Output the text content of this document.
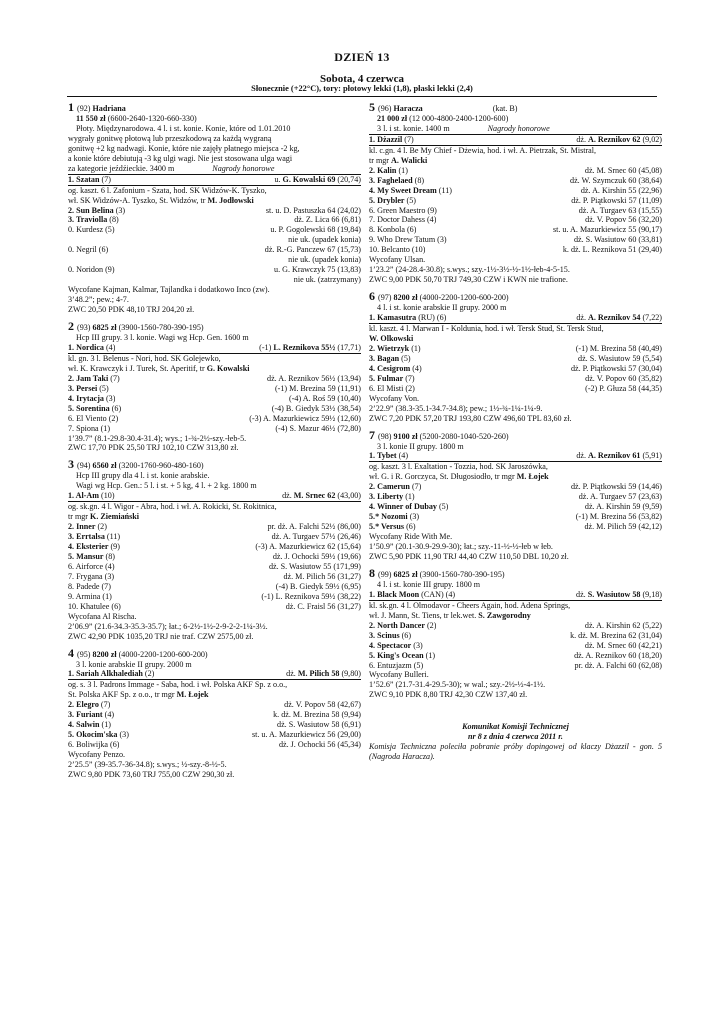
DZIEŃ 13
Sobota, 4 czerwca
Słonecznie (+22°C), tory: płotowy lekki (1,8), płaski lekki (2,4)
1 (92) Hadriana
11 550 zł (6600-2640-1320-660-330)
Płoty. Międzynarodowa. 4 l. i st. konie. Konie, które od 1.01.2010
wygrały gonitwę płotową lub przeszkodową za każdą wygraną
gonitwę +2 kg nadwagi. Konie, które nie zajęły płatnego miejsca -2 kg,
a konie które debiutują -3 kg ulgi wagi. Nie jest stosowana ulga wagi
za kategorie jeźdźieckie. 3400 m	Nagrody honorowe
1. Szatan (7)	u. G. Kowalski 69 (20,74)
og. kaszt. 6 l. Zafonium - Szata, hod. SK Widzów-K. Tyszko,
wł. SK Widzów-A. Tyszko, St. Widzów, tr M. Jodłowski
2. Sun Belina (3)	st. u. D. Pastuszka 64 (24,02)
3. Traviolla (8)	dż. Z. Lica 66 (6,81)
0. Kurdesz (5)	u. P. Gogolewski 68 (19,84)
nie uk. (upadek konia)
0. Negril (6)	dż. R.-G. Panczew 67 (15,73)
nie uk. (upadek konia)
0. Noridon (9)	u. G. Krawczyk 75 (13,83)
nie uk. (zatrzymany)
Wycofane Kajman, Kalmar, Tajlandka i dodatkowo Inco (zw).
3’48.2”; pew.; 4-7.
ZWC 20,50 PDK 48,10 TRJ 204,20 zł.
2 (93) 6825 zł (3900-1560-780-390-195)
Hcp III grupy. 3 l. konie. Wagi wg Hcp. Gen. 1600 m
1. Nordica (4)	(-1) L. Reznikova 55½ (17,71)
kl. gn. 3 l. Belenus - Nori, hod. SK Golejewko,
wł. K. Krawczyk i J. Turek, St. Aperitif, tr G. Kowalski
2. Jam Taki (7)	dż. A. Reznikov 56½ (13,94)
3. Persei (5)	(-1) M. Brezina 59 (11,91)
4. Irytacja (3)	(-4) A. Roś 59 (10,40)
5. Sorentina (6)	(-4) B. Giedyk 53½ (38,54)
6. El Viento (2)	(-3) A. Mazurkiewicz 59½ (12,60)
7. Spiona (1)	(-4) S. Mazur 46½ (72,80)
1’39.7” (8.1-29.8-30.4-31.4); wys.; 1-¾-2½-szy.-łeb-5.
ZWC 17,70 PDK 25,50 TRJ 102,10 CZW 313,80 zł.
3 (94) 6560 zł (3200-1760-960-480-160)
Hcp III grupy dla 4 l. i st. konie arabskie.
Wagi wg Hcp. Gen.: 5 l. i st. + 5 kg, 4 l. + 2 kg. 1800 m
1. Al-Am (10)	dż. M. Srnec 62 (43,00)
og. sk.gn. 4 l. Wigor - Abra, hod. i wł. A. Rokicki, St. Rokitnica,
tr mgr K. Ziemiański
2. Inner (2)	pr. dż. A. Falchi 52½ (86,00)
3. Errtalsa (11)	dż. A. Turgaev 57½ (26,46)
4. Eksterier (9)	(-3) A. Mazurkiewicz 62 (15,64)
5. Mansur (8)	dż. J. Ochocki 59½ (19,66)
6. Airforce (4)	dż. S. Wasiutow 55 (171,99)
7. Frygana (3)	dż. M. Pilich 56 (31,27)
8. Padede (7)	(-4) B. Giedyk 59½ (6,95)
9. Armina (1)	(-1) L. Reznikova 59½ (38,22)
10. Khatulee (6)	dż. C. Fraisl 56 (31,27)
Wycofana Al Rischa.
2’06.9” (21.6-34.3-35.3-35.7); łat.; 6-2½-1½-2-9-2-2-1¼-3½.
ZWC 42,90 PDK 1035,20 TRJ nie traf. CZW 2575,00 zł.
4 (95) 8200 zł (4000-2200-1200-600-200)
3 l. konie arabskie II grupy. 2000 m
1. Sariah Alkhalediah (2)	dż. M. Pilich 58 (9,80)
og. s. 3 l. Padrons Immage - Saba, hod. i wł. Polska AKF Sp. z o.o.,
St. Polska AKF Sp. z o.o., tr mgr M. Łojek
2. Elegro (7)	dż. V. Popov 58 (42,67)
3. Furiant (4)	k. dż. M. Brezina 58 (9,94)
4. Salwin (1)	dż. S. Wasiutow 58 (6,91)
5. Okocim'ska (3)	st. u. A. Mazurkiewicz 56 (29,00)
6. Boliwijka (6)	dż. J. Ochocki 56 (45,34)
Wycofany Penzo.
2’25.5” (39-35.7-36-34.8); s.wys.; ½-szy.-8-½-5.
ZWC 9,80 PDK 73,60 TRJ 755,00 CZW 290,30 zł.
5 (96) Haracza	(kat. B)
21 000 zł (12 000-4800-2400-1200-600)
3 l. i st. konie. 1400 m	Nagrody honorowe
1. Dżazzil (7)	dż. A. Reznikov 62 (9,02)
kl. c.gn. 4 l. Be My Chief - Dżewia, hod. i wł. A. Pietrzak, St. Mistral,
tr mgr A. Walicki
2. Kalin (1)	dż. M. Srnec 60 (45,08)
3. Faghelaed (8)	dż. W. Szymczuk 60 (38,64)
4. My Sweet Dream (11)	dż. A. Kirshin 55 (22,96)
5. Drybler (5)	dż. P. Piątkowski 57 (11,09)
6. Green Maestro (9)	dż. A. Turgaev 63 (15,55)
7. Doctor Dahess (4)	dż. V. Popov 56 (32,20)
8. Konbola (6)	st. u. A. Mazurkiewicz 55 (90,17)
9. Who Drew Tatum (3)	dż. S. Wasiutow 60 (33,81)
10. Belcanto (10)	k. dż. L. Reznikova 51 (29,40)
Wycofany Ulsan.
1’23.2” (24-28.4-30.8); s.wys.; szy.-1½-3½-½-1½-łeb-4-5-15.
ZWC 9,00 PDK 50,70 TRJ 749,30 CZW i KWN nie trafione.
6 (97) 8200 zł (4000-2200-1200-600-200)
4 l. i st. konie arabskie II grupy. 2000 m
1. Kamasutra (RU) (6)	dż. A. Reznikov 54 (7,22)
kl. kaszt. 4 l. Marwan I - Koldunia, hod. i wł. Tersk Stud, St. Tersk Stud,
W. Olkowski
2. Wietrzyk (1)	(-1) M. Brezina 58 (40,49)
3. Bagan (5)	dż. S. Wasiutow 59 (5,54)
4. Cesigrom (4)	dż. P. Piątkowski 57 (30,04)
5. Fulmar (7)	dż. V. Popov 60 (35,82)
6. El Misti (2)	(-2) P. Głuza 58 (44,35)
Wycofany Von.
2’22.9” (38.3-35.1-34.7-34.8); pew.; 1½-¾-1¼-1¼-9.
ZWC 7,20 PDK 57,20 TRJ 193,80 CZW 496,60 TPL 83,60 zł.
7 (98) 9100 zł (5200-2080-1040-520-260)
3 l. konie II grupy. 1800 m
1. Tybet (4)	dż. A. Reznikov 61 (5,91)
og. kaszt. 3 l. Exaltation - Tozzia, hod. SK Jaroszówka,
wł. G. i R. Gorczyca, St. Długosiodło, tr mgr M. Łojek
2. Camerun (7)	dż. P. Piątkowski 59 (14,46)
3. Liberty (1)	dż. A. Turgaev 57 (23,63)
4. Winner of Dubay (5)	dż. A. Kirshin 59 (9,59)
5.* Nozomi (3)	(-1) M. Brezina 56 (53,82)
5.* Versus (6)	dż. M. Pilich 59 (42,12)
Wycofany Ride With Me.
1’50.9” (20.1-30.9-29.9-30); łat.; szy.-11-½-½-łeb w łeb.
ZWC 5,90 PDK 11,90 TRJ 44,40 CZW 110,50 DBL 10,20 zł.
8 (99) 6825 zł (3900-1560-780-390-195)
4 l. i st. konie III grupy. 1800 m
1. Black Moon (CAN) (4)	dż. S. Wasiutow 58 (9,18)
kl. sk.gn. 4 l. Olmodavor - Cheers Again, hod. Adena Springs,
wł. J. Mann, St. Tiens, tr lek.wet. S. Zawgorodny
2. North Dancer (2)	dż. A. Kirshin 62 (5,22)
3. Scinus (6)	k. dż. M. Brezina 62 (31,04)
4. Spectacor (3)	dż. M. Srnec 60 (42,21)
5. King's Ocean (1)	dż. A. Reznikov 60 (18,20)
6. Entuzjazm (5)	pr. dż. A. Falchi 60 (62,08)
Wycofany Bulleri.
1’52.6” (21.7-31.4-29.5-30); w wal.; szy.-2½-½-4-1½.
ZWC 9,10 PDK 8,80 TRJ 42,30 CZW 137,40 zł.
Komunikat Komisji Technicznej
nr 8 z dnia 4 czerwca 2011 r.
Komisja Techniczna poleciła pobranie próby dopingowej od klaczy Dżazzil - gon. 5 (Nagroda Haracza).
